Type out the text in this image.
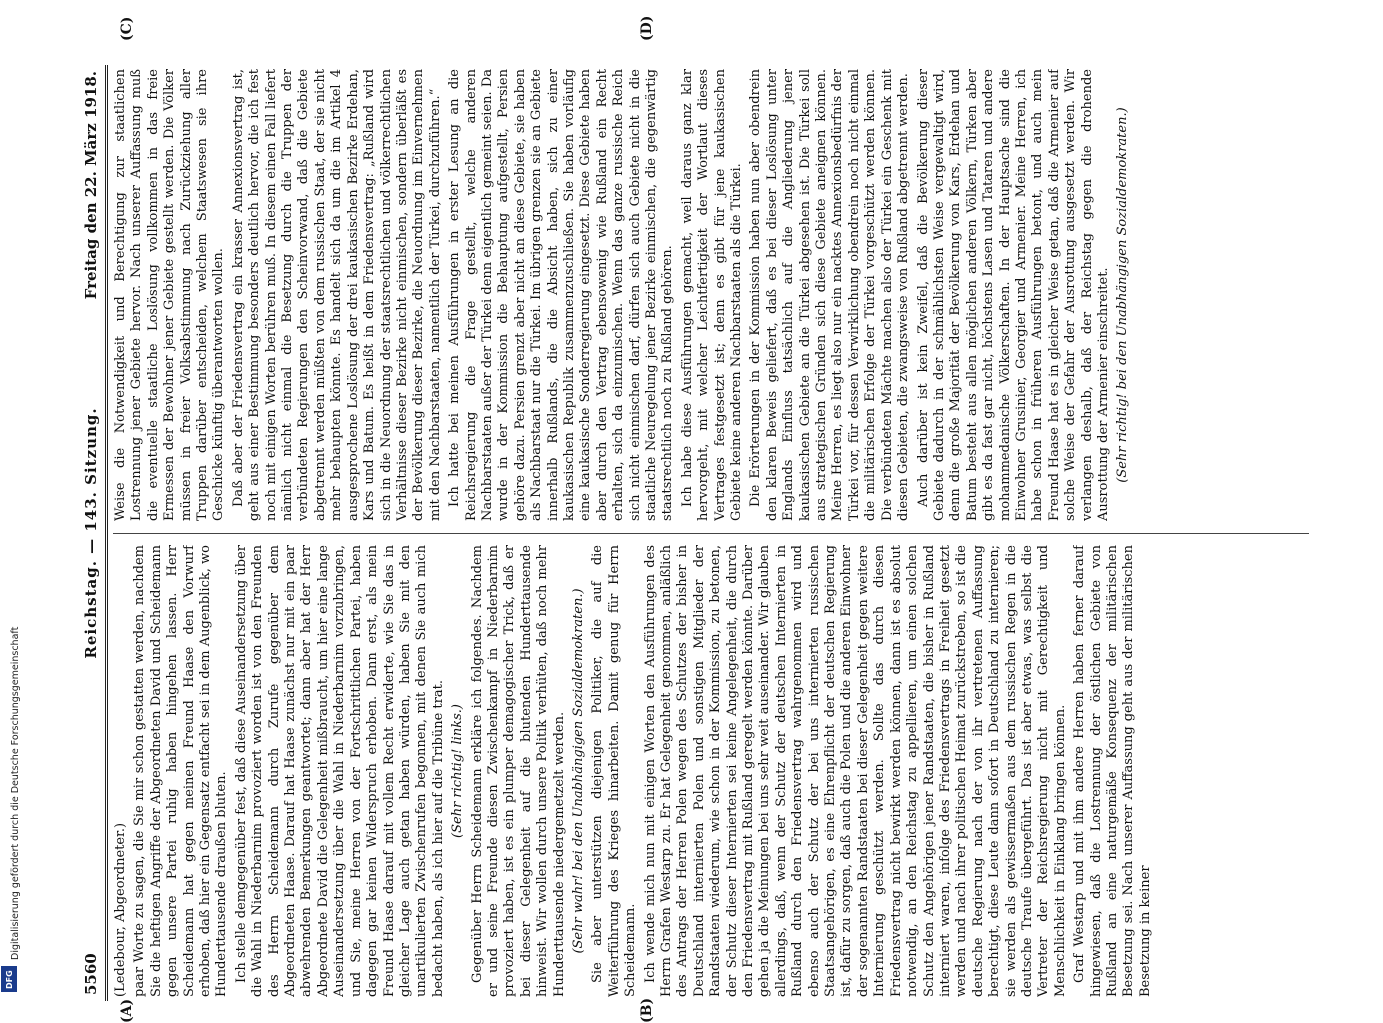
5560
Reichstag. — 143. Sitzung.
Freitag den 22. März 1918.
(A)	(B)
(C)	(D)

(Ledebour, Abgeordneter.) paar Worte zu sagen, die Sie mir schon gestatten werden, nachdem Sie die heftigen Angriffe der Abgeordneten David und Scheidemann gegen unsere Partei ruhig haben hingehen lassen. Herr Scheidemann hat gegen meinen Freund Haase den Vorwurf erhoben, daß hier ein Gegensatz entfacht sei in dem Augenblick, wo Hunderttausende draußen bluten. Ich stelle demgegenüber fest, daß diese Auseinandersetzung über die Wahl in Niederbarnim provoziert worden ist von den Freunden des Herrn Scheidemann durch Zurufe gegenüber dem Abgeordneten Haase. Darauf hat Haase zunächst nur mit ein paar abwehrenden Bemerkungen geantwortet; dann aber hat der Herr Abgeordnete David die Gelegenheit mißbraucht, um hier eine lange Auseinandersetzung über die Wahl in Niederbarnim vorzubringen, und Sie, meine Herren von der Fortschrittlichen Partei, haben dagegen gar keinen Widerspruch erhoben. Dann erst, als mein Freund Haase darauf mit vollem Recht erwiderte, wie Sie das in gleicher Lage auch getan haben würden, haben Sie mit den unartikulierten Zwischenrufen begonnen, mit denen Sie auch mich bedacht haben, als ich hier auf die Tribüne trat. (Sehr richtig! links.) Gegenüber Herrn Scheidemann erkläre ich folgendes. Nachdem er und seine Freunde diesen Zwischenkampf in Niederbarnim provoziert haben, ist es ein plumper demagogischer Trick, daß er bei dieser Gelegenheit auf die blutenden Hunderttausende hinweist. Wir wollen durch unsere Politik verhüten, daß noch mehr Hunderttausende niedergemetzelt werden. (Sehr wahr! bei den Unabhängigen Sozialdemokraten.) Sie aber unterstützen diejenigen Politiker, die auf die Weiterführung des Krieges hinarbeiten. Damit genug für Herrn Scheidemann. Ich wende mich nun mit einigen Worten den Ausführungen des Herrn Grafen Westarp zu. Er hat Gelegenheit genommen, anläßlich des Antrags der Herren Polen wegen des Schutzes der bisher in Deutschland internierten Polen und sonstigen Mitglieder der Randstaaten wiederum, wie schon in der Kommission, zu betonen, der Schutz dieser Internierten sei keine Angelegenheit, die durch den Friedensvertrag mit Rußland geregelt werden könnte. Darüber gehen ja die Meinungen bei uns sehr weit auseinander. Wir glauben allerdings, daß, wenn der Schutz der deutschen Internierten in Rußland durch den Friedensvertrag wahrgenommen wird und ebenso auch der Schutz der bei uns internierten russischen Staatsangehörigen, es eine Ehrenpflicht der deutschen Regierung ist, dafür zu sorgen, daß auch die Polen und die anderen Einwohner der sogenannten Randstaaten bei dieser Gelegenheit gegen weitere Internierung geschützt werden. Sollte das durch diesen Friedensvertrag nicht bewirkt werden können, dann ist es absolut notwendig, an den Reichstag zu appellieren, um einen solchen Schutz den Angehörigen jener Randstaaten, die bisher in Rußland interniert waren, infolge des Friedensvertrags in Freiheit gesetzt werden und nach ihrer politischen Heimat zurückstreben, so ist die deutsche Regierung nach der von ihr vertretenen Auffassung berechtigt, diese Leute dann sofort in Deutschland zu internieren; sie werden als gewissermaßen aus dem russischen Regen in die deutsche Traufe übergeführt. Das ist aber etwas, was selbst die Vertreter der Reichsregierung nicht mit Gerechtigkeit und Menschlichkeit in Einklang bringen können. Graf Westarp und mit ihm andere Herren haben ferner darauf hingewiesen, daß die Lostrennung der östlichen Gebiete von Rußland an eine naturgemäße Konsequenz der militärischen Besetzung sei. Nach unserer Auffassung geht aus der militärischen Besetzung in keiner

Weise die Notwendigkeit und Berechtigung zur staatlichen Lostrennung jener Gebiete hervor. Nach unserer Auffassung muß die eventuelle staatliche Loslösung vollkommen in das freie Ermessen der Bewohner jener Gebiete gestellt werden. Die Völker müssen in freier Volksabstimmung nach Zurückziehung aller Truppen darüber entscheiden, welchem Staatswesen sie ihre Geschicke künftig überantworten wollen. Daß aber der Friedensvertrag ein krasser Annexionsvertrag ist, geht aus einer Bestimmung besonders deutlich hervor, die ich fest noch mit einigen Worten berühren muß. In diesem einen Fall liefert nämlich nicht einmal die Besetzung durch die Truppen der verbündeten Regierungen den Scheinvorwand, daß die Gebiete abgetrennt werden müßten von dem russischen Staat, der sie nicht mehr behaupten könnte. Es handelt sich da um die im Artikel 4 ausgesprochene Loslösung der drei kaukasischen Bezirke Erdehan, Kars und Batum. Es heißt in dem Friedensvertrag: „Rußland wird sich in die Neuordnung der staatsrechtlichen und völkerrechtlichen Verhältnisse dieser Bezirke nicht einmischen, sondern überläßt es der Bevölkerung dieser Bezirke, die Neuordnung im Einvernehmen mit den Nachbarstaaten, namentlich der Türkei, durchzuführen.“ Ich hatte bei meinen Ausführungen in erster Lesung an die Reichsregierung die Frage gestellt, welche anderen Nachbarstaaten außer der Türkei denn eigentlich gemeint seien. Da wurde in der Kommission die Behauptung aufgestellt, Persien gehöre dazu. Persien grenzt aber nicht an diese Gebiete, sie haben als Nachbarstaat nur die Türkei. Im übrigen grenzen sie an Gebiete innerhalb Rußlands, die die Absicht haben, sich zu einer kaukasischen Republik zusammenzuschließen. Sie haben vorläufig eine kaukasische Sonderregierung eingesetzt. Diese Gebiete haben aber durch den Vertrag ebensowenig wie Rußland ein Recht erhalten, sich da einzumischen. Wenn das ganze russische Reich sich nicht einmischen darf, dürfen sich auch Gebiete nicht in die staatliche Neuregelung jener Bezirke einmischen, die gegenwärtig staatsrechtlich noch zu Rußland gehören. Ich habe diese Ausführungen gemacht, weil daraus ganz klar hervorgeht, mit welcher Leichtfertigkeit der Wortlaut dieses Vertrages festgesetzt ist; denn es gibt für jene kaukasischen Gebiete keine anderen Nachbarstaaten als die Türkei. Die Erörterungen in der Kommission haben nun aber obendrein den klaren Beweis geliefert, daß es bei dieser Loslösung unter Englands Einfluss tatsächlich auf die Angliederung jener kaukasischen Gebiete an die Türkei abgesehen ist. Die Türkei soll aus strategischen Gründen sich diese Gebiete aneignen können. Meine Herren, es liegt also nur ein nacktes Annexionsbedürfnis der Türkei vor, für dessen Verwirklichung obendrein noch nicht einmal die militärischen Erfolge der Türkei vorgeschützt werden können. Die verbündeten Mächte machen also der Türkei ein Geschenk mit diesen Gebieten, die zwangsweise von Rußland abgetrennt werden. Auch darüber ist kein Zweifel, daß die Bevölkerung dieser Gebiete dadurch in der schmählichsten Weise vergewaltigt wird, denn die große Majorität der Bevölkerung von Kars, Erdehan und Batum besteht aus allen möglichen anderen Völkern, Türken aber gibt es da fast gar nicht, höchstens Lasen und Tataren und andere mohammedanische Völkerschaften. In der Hauptsache sind die Einwohner Grusinier, Georgier und Armenier. Meine Herren, ich habe schon in früheren Ausführungen betont, und auch mein Freund Haase hat es in gleicher Weise getan, daß die Armenier auf solche Weise der Gefahr der Ausrottung ausgesetzt werden. Wir verlangen deshalb, daß der Reichstag gegen die drohende Ausrottung der Armenier einschreitet. (Sehr richtig! bei den Unabhängigen Sozialdemokraten.)

Digitalisierung gefördert durch die Deutsche Forschungsgemeinschaft
DFG
